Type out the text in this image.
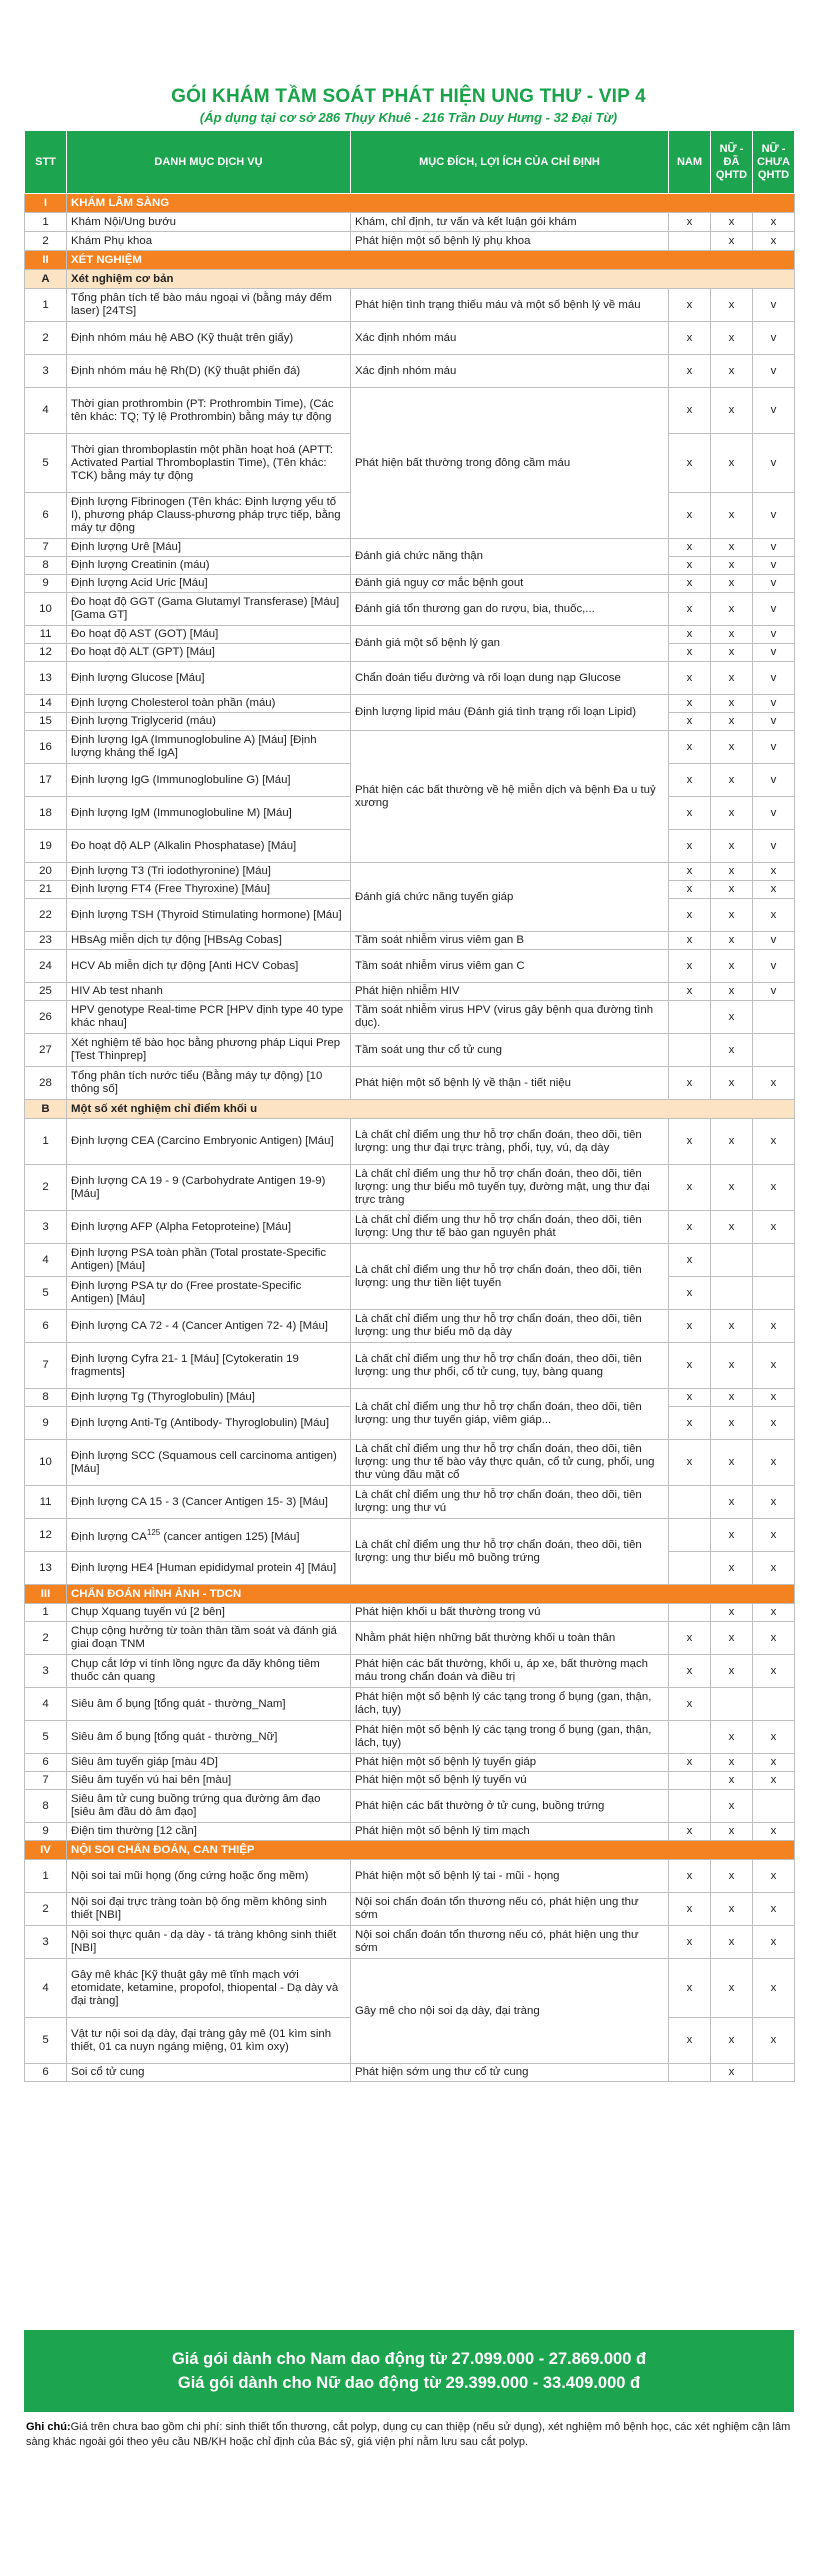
GÓI KHÁM TẦM SOÁT PHÁT HIỆN UNG THƯ - VIP 4
(Áp dụng tại cơ sở 286 Thụy Khuê - 216 Trần Duy Hưng - 32 Đại Từ)
STT	DANH MỤC DỊCH VỤ	MỤC ĐÍCH, LỢI ÍCH CỦA CHỈ ĐỊNH	NAM	NỮ - ĐÃ QHTD	NỮ - CHƯA QHTD
I	KHÁM LÂM SÀNG				
1	Khám Nội/Ung bướu	Khám, chỉ định, tư vấn và kết luận gói khám	x	x	x
2	Khám Phụ khoa	Phát hiện một số bệnh lý phụ khoa		x	x
II	XÉT NGHIỆM				
A	Xét nghiệm cơ bản				
1	Tổng phân tích tế bào máu ngoại vi (bằng máy đếm laser) [24TS]	Phát hiện tình trạng thiếu máu và một số bệnh lý về máu	x	x	v
2	Định nhóm máu hệ ABO (Kỹ thuật trên giấy)	Xác định nhóm máu	x	x	v
3	Định nhóm máu hệ Rh(D) (Kỹ thuật phiến đá)	Xác định nhóm máu	x	x	v
4	Thời gian prothrombin (PT: Prothrombin Time), (Các tên khác: TQ; Tỷ lệ Prothrombin) bằng máy tự động	Phát hiện bất thường trong đông cầm máu	x	x	v
5	Thời gian thromboplastin một phần hoạt hoá (APTT: Activated Partial Thromboplastin Time), (Tên khác: TCK) bằng máy tự động		x	x	v
6	Định lượng Fibrinogen (Tên khác: Định lượng yếu tố I), phương pháp Clauss-phương pháp trực tiếp, bằng máy tự động		x	x	v
7	Định lượng Urê [Máu]	Đánh giá chức năng thận	x	x	v
8	Định lượng Creatinin (máu)		x	x	v
9	Định lượng Acid Uric [Máu]	Đánh giá nguy cơ mắc bệnh gout	x	x	v
10	Đo hoạt độ GGT (Gama Glutamyl Transferase) [Máu] [Gama GT]	Đánh giá tổn thương gan do rượu, bia, thuốc,...	x	x	v
11	Đo hoạt độ AST (GOT) [Máu]	Đánh giá một số bệnh lý gan	x	x	v
12	Đo hoạt độ ALT (GPT) [Máu]		x	x	v
13	Định lượng Glucose [Máu]	Chẩn đoán tiểu đường và rối loạn dung nạp Glucose	x	x	v
14	Định lượng Cholesterol toàn phần (máu)	Định lượng lipid máu (Đánh giá tình trạng rối loạn Lipid)	x	x	v
15	Định lượng Triglycerid (máu)		x	x	v
16	Định lượng IgA (Immunoglobuline A) [Máu] [Định lượng kháng thể IgA]	Phát hiện các bất thường về hệ miễn dịch và bệnh Đa u tuỷ xương	x	x	v
17	Định lượng IgG (Immunoglobuline G) [Máu]		x	x	v
18	Định lượng IgM (Immunoglobuline M) [Máu]		x	x	v
19	Đo hoạt độ ALP (Alkalin Phosphatase) [Máu]		x	x	v
20	Định lượng T3 (Tri iodothyronine) [Máu]	Đánh giá chức năng tuyến giáp	x	x	x
21	Định lượng FT4 (Free Thyroxine) [Máu]		x	x	x
22	Định lượng TSH (Thyroid Stimulating hormone) [Máu]		x	x	x
23	HBsAg miễn dịch tự động [HBsAg Cobas]	Tầm soát nhiễm virus viêm gan B	x	x	v
24	HCV Ab miễn dịch tự động [Anti HCV Cobas]	Tầm soát nhiễm virus viêm gan C	x	x	v
25	HIV Ab test nhanh	Phát hiện nhiễm HIV	x	x	v
26	HPV genotype Real-time PCR [HPV định type 40 type khác nhau]	Tầm soát nhiễm virus HPV (virus gây bệnh qua đường tình dục).		x	
27	Xét nghiệm tế bào học bằng phương pháp Liqui Prep [Test Thinprep]	Tầm soát ung thư cổ tử cung		x	
28	Tổng phân tích nước tiểu (Bằng máy tự động) [10 thông số]	Phát hiện một số bệnh lý về thận - tiết niệu	x	x	x
B	Một số xét nghiệm chỉ điểm khối u				
1	Định lượng CEA (Carcino Embryonic Antigen) [Máu]	Là chất chỉ điểm ung thư hỗ trợ chẩn đoán, theo dõi, tiên lượng: ung thư đại trực tràng, phổi, tụy, vú, dạ dày	x	x	x
2	Định lượng CA 19 - 9 (Carbohydrate Antigen 19-9) [Máu]	Là chất chỉ điểm ung thư hỗ trợ chẩn đoán, theo dõi, tiên lượng: ung thư biểu mô tuyến tụy, đường mật, ung thư đại trực tràng	x	x	x
3	Định lượng AFP (Alpha Fetoproteine) [Máu]	Là chất chỉ điểm ung thư hỗ trợ chẩn đoán, theo dõi, tiên lượng: Ung thư tế bào gan nguyên phát	x	x	x
4	Định lượng PSA toàn phần (Total prostate-Specific Antigen) [Máu]	Là chất chỉ điểm ung thư hỗ trợ chẩn đoán, theo dõi, tiên lượng: ung thư tiền liệt tuyến	x		
5	Định lượng PSA tự do (Free prostate-Specific Antigen) [Máu]		x		
6	Định lượng CA 72 - 4 (Cancer Antigen 72- 4) [Máu]	Là chất chỉ điểm ung thư hỗ trợ chẩn đoán, theo dõi, tiên lượng: ung thư biểu mô dạ dày	x	x	x
7	Định lượng Cyfra 21- 1 [Máu] [Cytokeratin 19 fragments]	Là chất chỉ điểm ung thư hỗ trợ chẩn đoán, theo dõi, tiên lượng: ung thư phổi, cổ tử cung, tụy, bàng quang	x	x	x
8	Định lượng Tg (Thyroglobulin) [Máu]	Là chất chỉ điểm ung thư hỗ trợ chẩn đoán, theo dõi, tiên lượng: ung thư tuyến giáp, viêm giáp...	x	x	x
9	Định lượng Anti-Tg (Antibody- Thyroglobulin) [Máu]		x	x	x
10	Định lượng SCC (Squamous cell carcinoma antigen) [Máu]	Là chất chỉ điểm ung thư hỗ trợ chẩn đoán, theo dõi, tiên lượng: ung thư tế bào vảy thực quản, cổ tử cung, phổi, ung thư vùng đầu mặt cổ	x	x	x
11	Định lượng CA 15 - 3 (Cancer Antigen 15- 3) [Máu]	Là chất chỉ điểm ung thư hỗ trợ chẩn đoán, theo dõi, tiên lượng: ung thư vú		x	x
12	Định lượng CA$^{125}$ (cancer antigen 125) [Máu]	Là chất chỉ điểm ung thư hỗ trợ chẩn đoán, theo dõi, tiên lượng: ung thư biểu mô buồng trứng		x	x
13	Định lượng HE4 [Human epididymal protein 4] [Máu]			x	x
III	CHẨN ĐOÁN HÌNH ẢNH - TDCN				
1	Chụp Xquang tuyến vú [2 bên]	Phát hiện khối u bất thường trong vú		x	x
2	Chụp cộng hưởng từ toàn thân tầm soát và đánh giá giai đoạn TNM	Nhằm phát hiện những bất thường khối u toàn thân	x	x	x
3	Chụp cắt lớp vi tính lồng ngực đa dãy không tiêm thuốc cản quang	Phát hiện các bất thường, khối u, áp xe, bất thường mạch máu trong chẩn đoán và điều trị	x	x	x
4	Siêu âm ổ bụng [tổng quát - thường_Nam]	Phát hiện một số bệnh lý các tạng trong ổ bụng (gan, thận, lách, tụy)	x		
5	Siêu âm ổ bụng [tổng quát - thường_Nữ]	Phát hiện một số bệnh lý các tạng trong ổ bụng (gan, thận, lách, tụy)		x	x
6	Siêu âm tuyến giáp [màu 4D]	Phát hiện một số bệnh lý tuyến giáp	x	x	x
7	Siêu âm tuyến vú hai bên [màu]	Phát hiện một số bệnh lý tuyến vú		x	x
8	Siêu âm tử cung buồng trứng qua đường âm đạo [siêu âm đầu dò âm đạo]	Phát hiện các bất thường ở tử cung, buồng trứng		x	
9	Điện tim thường [12 cần]	Phát hiện một số bệnh lý tim mạch	x	x	x
IV	NỘI SOI CHẨN ĐOÁN, CAN THIỆP				
1	Nội soi tai mũi họng (ống cứng hoặc ống mềm)	Phát hiện một số bệnh lý tai - mũi - họng	x	x	x
2	Nội soi đại trực tràng toàn bộ ống mềm không sinh thiết [NBI]	Nội soi chẩn đoán tổn thương nếu có, phát hiện ung thư sớm	x	x	x
3	Nội soi thực quản - dạ dày - tá tràng không sinh thiết [NBI]	Nội soi chẩn đoán tổn thương nếu có, phát hiện ung thư sớm	x	x	x
4	Gây mê khác [Kỹ thuật gây mê tĩnh mạch với etomidate, ketamine, propofol, thiopental - Dạ dày và đại tràng]	Gây mê cho nội soi dạ dày, đại tràng	x	x	x
5	Vật tư nội soi dạ dày, đại tràng gây mê (01 kìm sinh thiết, 01 ca nuyn ngáng miệng, 01 kìm oxy)		x	x	x
6	Soi cổ tử cung	Phát hiện sớm ung thư cổ tử cung		x	
Giá gói dành cho Nam dao động từ 27.099.000 - 27.869.000 đ
Giá gói dành cho Nữ dao động từ 29.399.000 - 33.409.000 đ
Ghi chú:Giá trên chưa bao gồm chi phí: sinh thiết tổn thương, cắt polyp, dụng cụ can thiệp (nếu sử dụng), xét nghiệm mô bệnh học, các xét nghiệm cận lâm sàng khác ngoài gói theo yêu cầu NB/KH hoặc chỉ định của Bác sỹ, giá viện phí nằm lưu sau cắt polyp.
